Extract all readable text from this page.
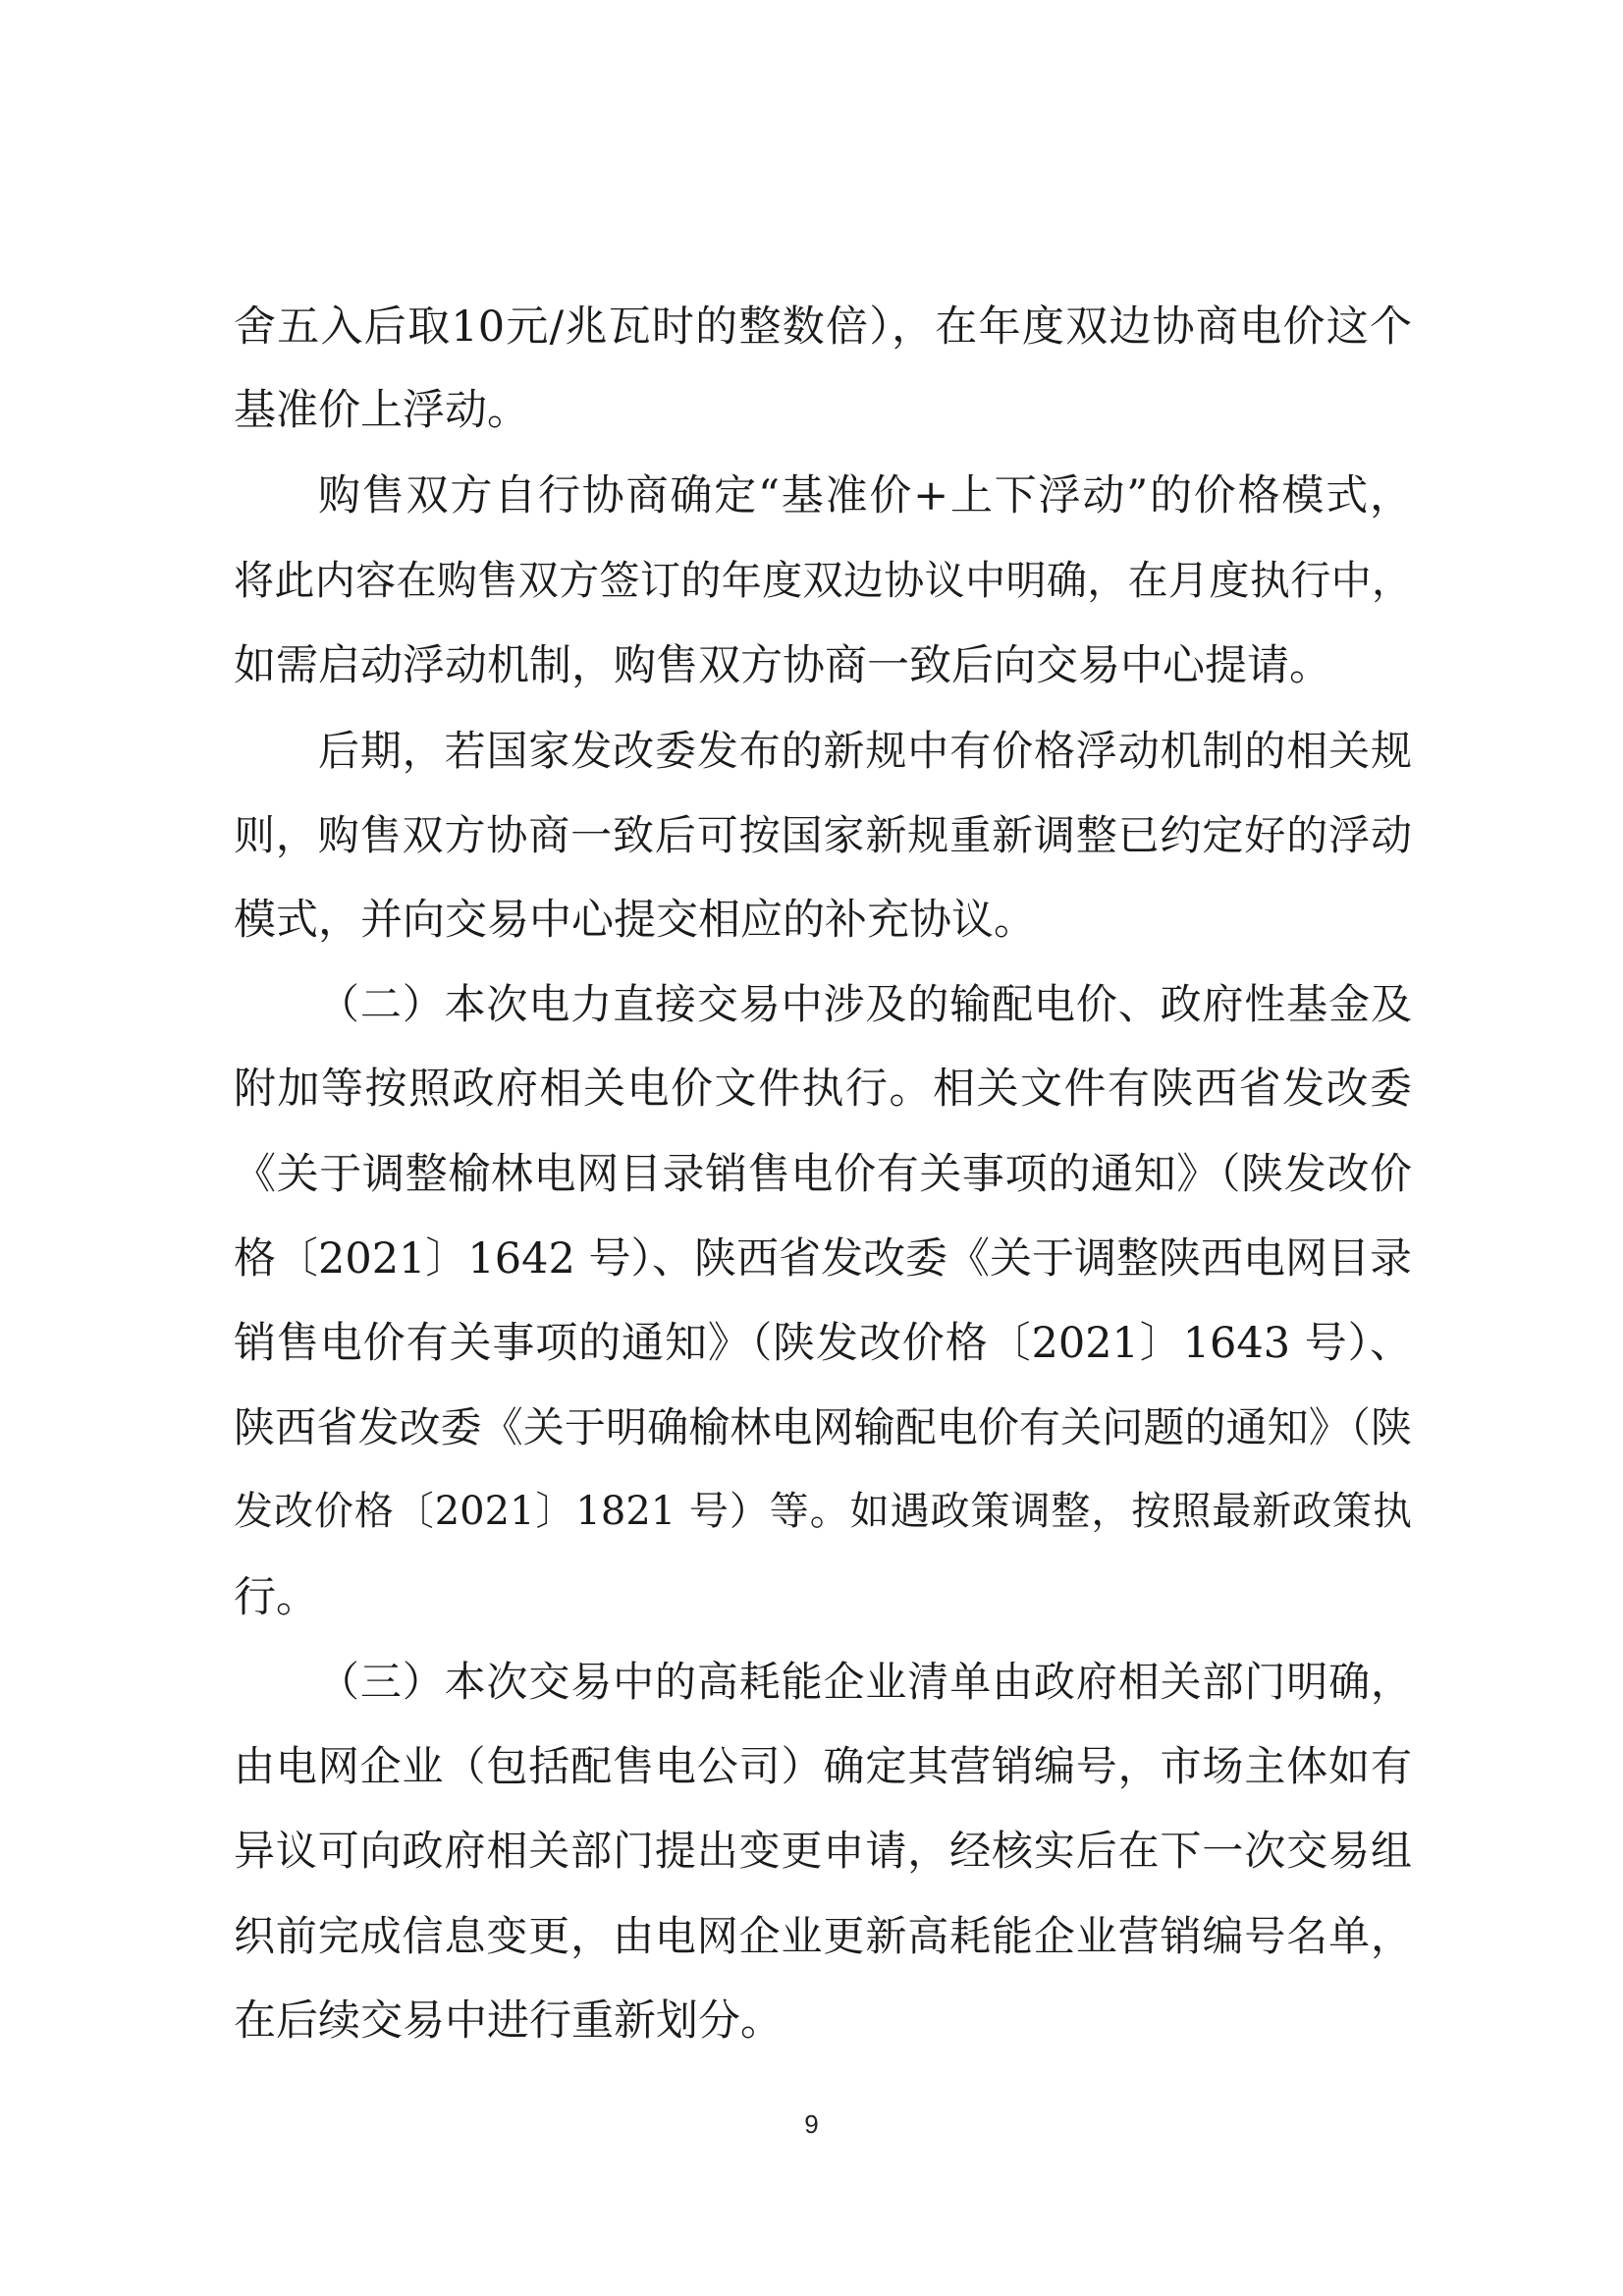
舍五入后取10元/兆瓦时的整数倍），在年度双边协商电价这个
基准价上浮动。
购售双方自行协商确定“基准价+上下浮动”的价格模式，
将此内容在购售双方签订的年度双边协议中明确，在月度执行中，
如需启动浮动机制，购售双方协商一致后向交易中心提请。
后期，若国家发改委发布的新规中有价格浮动机制的相关规
则，购售双方协商一致后可按国家新规重新调整已约定好的浮动
模式，并向交易中心提交相应的补充协议。
（二）本次电力直接交易中涉及的输配电价、政府性基金及
附加等按照政府相关电价文件执行。相关文件有陕西省发改委
《关于调整榆林电网目录销售电价有关事项的通知》（陕发改价
格〔2021〕1642 号）、陕西省发改委《关于调整陕西电网目录
销售电价有关事项的通知》（陕发改价格〔2021〕1643 号）、
陕西省发改委《关于明确榆林电网输配电价有关问题的通知》（陕
发改价格〔2021〕1821 号）等。如遇政策调整，按照最新政策执
行。
（三）本次交易中的高耗能企业清单由政府相关部门明确，
由电网企业（包括配售电公司）确定其营销编号，市场主体如有
异议可向政府相关部门提出变更申请，经核实后在下一次交易组
织前完成信息变更，由电网企业更新高耗能企业营销编号名单，
在后续交易中进行重新划分。
9
